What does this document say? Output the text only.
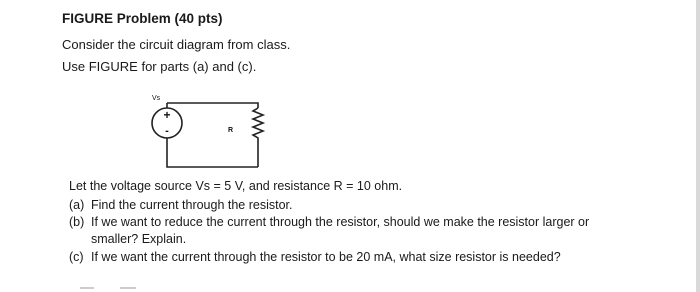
FIGURE Problem (40 pts)
Consider the circuit diagram from class.
Use FIGURE for parts (a) and (c).
+
-
Vs
R
Let the voltage source Vs = 5 V, and resistance R = 10 ohm.
(a) Find the current through the resistor.
(b) If we want to reduce the current through the resistor, should we make the resistor larger or smaller? Explain.
(c) If we want the current through the resistor to be 20 mA, what size resistor is needed?
